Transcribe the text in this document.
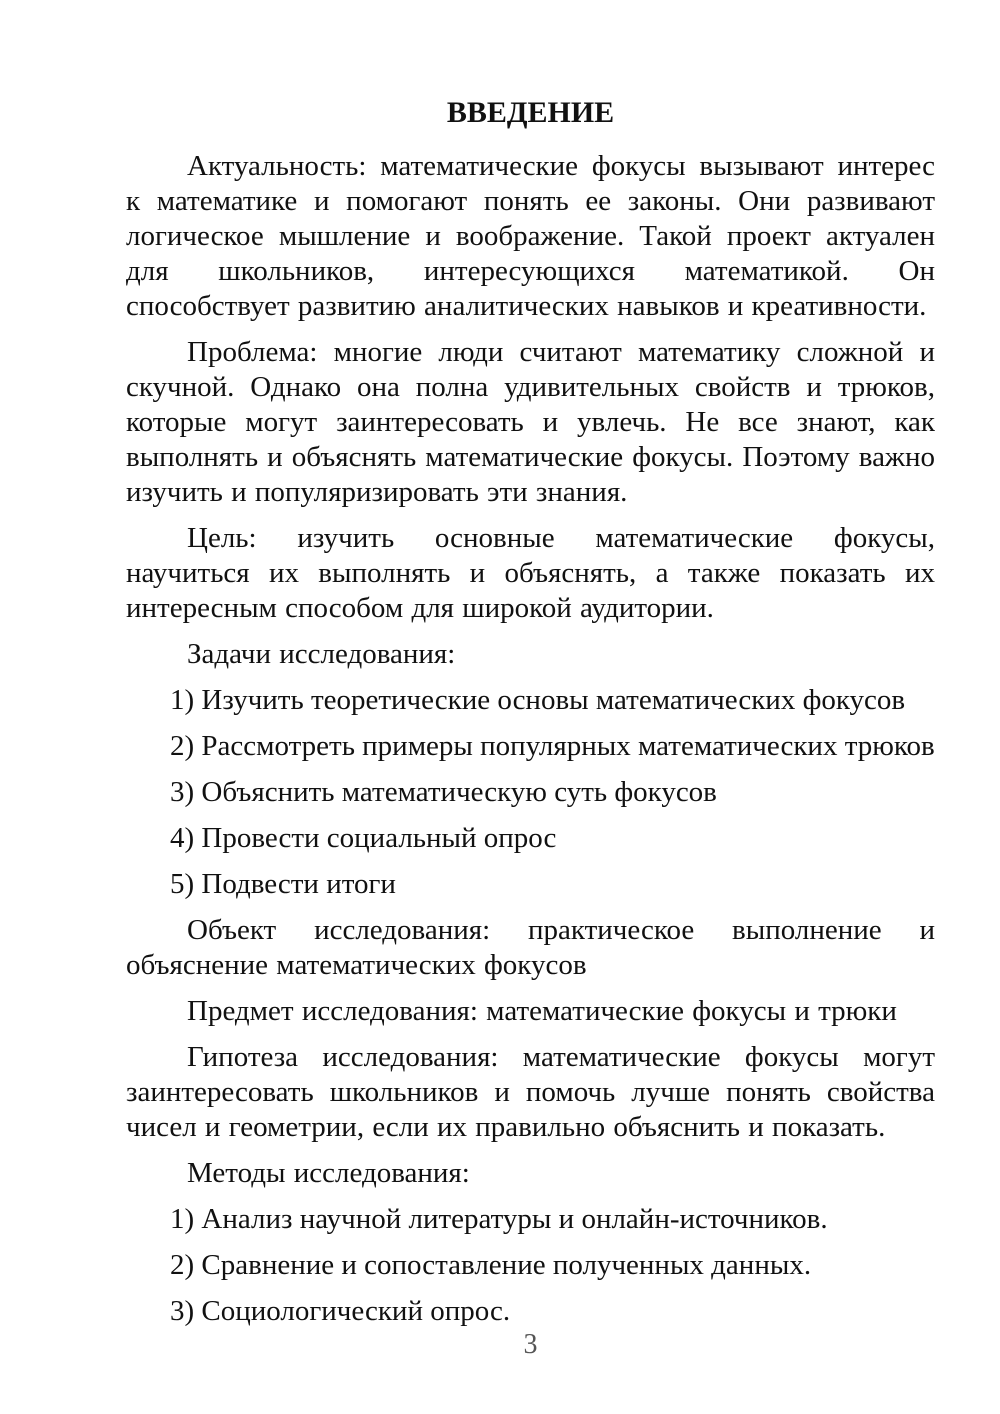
ВВЕДЕНИЕ

Актуальность: математические фокусы вызывают интерес к математике и помогают понять ее законы. Они развивают логическое мышление и воображение. Такой проект актуален для школьников, интересующихся математикой. Он способствует развитию аналитических навыков и креативности.

Проблема: многие люди считают математику сложной и скучной. Однако она полна удивительных свойств и трюков, которые могут заинтересовать и увлечь. Не все знают, как выполнять и объяснять математические фокусы. Поэтому важно изучить и популяризировать эти знания.

Цель: изучить основные математические фокусы, научиться их выполнять и объяснять, а также показать их интересным способом для широкой аудитории.

Задачи исследования:

1) Изучить теоретические основы математических фокусов

2) Рассмотреть примеры популярных математических трюков

3) Объяснить математическую суть фокусов

4) Провести социальный опрос

5) Подвести итоги

Объект исследования: практическое выполнение и объяснение математических фокусов

Предмет исследования: математические фокусы и трюки

Гипотеза исследования: математические фокусы могут заинтересовать школьников и помочь лучше понять свойства чисел и геометрии, если их правильно объяснить и показать.

Методы исследования:

1) Анализ научной литературы и онлайн-источников.

2) Сравнение и сопоставление полученных данных.

3) Социологический опрос.

3
